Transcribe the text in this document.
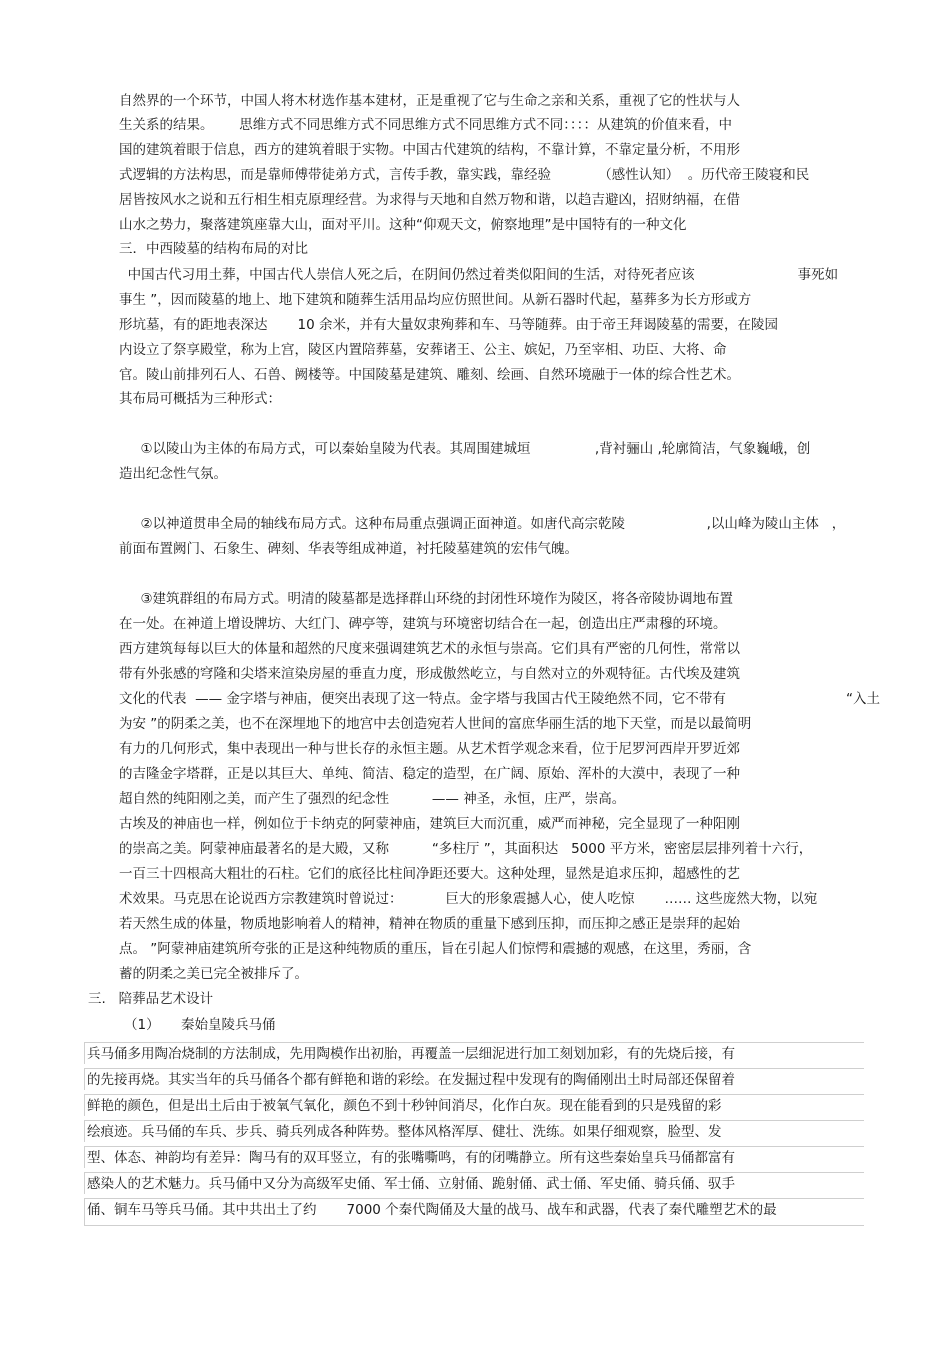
自然界的一个环节，中国人将木材选作基本建材，正是重视了它与生命之亲和关系，重视了它的性状与人
生关系的结果。      思维方式不同思维方式不同思维方式不同思维方式不同：：：：从建筑的价值来看，中
国的建筑着眼于信息，西方的建筑着眼于实物。中国古代建筑的结构，不靠计算，不靠定量分析，不用形
式逻辑的方法构思，而是靠师傅带徒弟方式，言传手教，靠实践，靠经验           （感性认知）  。历代帝王陵寝和民
居皆按风水之说和五行相生相克原理经营。为求得与天地和自然万物和谐，以趋吉避凶，招财纳福，在借
山水之势力，聚落建筑座靠大山，面对平川。这种“仰观天文，俯察地理”是中国特有的一种文化
三．中西陵墓的结构布局的对比
中国古代习用土葬，中国古代人崇信人死之后，在阴间仍然过着类似阳间的生活，对待死者应该                        事死如
事生 ”，因而陵墓的地上、地下建筑和随葬生活用品均应仿照世间。从新石器时代起，墓葬多为长方形或方
形坑墓，有的距地表深达       10 余米，并有大量奴隶殉葬和车、马等随葬。由于帝王拜谒陵墓的需要，在陵园
内设立了祭享殿堂，称为上宫，陵区内置陪葬墓，安葬诸王、公主、嫔妃，乃至宰相、功臣、大将、命
官。陵山前排列石人、石兽、阙楼等。中国陵墓是建筑、雕刻、绘画、自然环境融于一体的综合性艺术。
其布局可概括为三种形式：
①以陵山为主体的布局方式，可以秦始皇陵为代表。其周围建城垣               ,背衬骊山 ,轮廓简洁，气象巍峨，创
造出纪念性气氛。
②以神道贯串全局的轴线布局方式。这种布局重点强调正面神道。如唐代高宗乾陵                   ,以山峰为陵山主体   ，
前面布置阙门、石象生、碑刻、华表等组成神道，衬托陵墓建筑的宏伟气魄。
③建筑群组的布局方式。明清的陵墓都是选择群山环绕的封闭性环境作为陵区，将各帝陵协调地布置
在一处。在神道上增设牌坊、大红门、碑亭等，建筑与环境密切结合在一起，创造出庄严肃穆的环境。
西方建筑每每以巨大的体量和超然的尺度来强调建筑艺术的永恒与崇高。它们具有严密的几何性，常常以
带有外张感的穹隆和尖塔来渲染房屋的垂直力度，形成傲然屹立，与自然对立的外观特征。古代埃及建筑
文化的代表  —— 金字塔与神庙，便突出表现了这一特点。金字塔与我国古代王陵绝然不同，它不带有                            “入土
为安 ”的阴柔之美，也不在深埋地下的地宫中去创造宛若人世间的富庶华丽生活的地下天堂，而是以最简明
有力的几何形式，集中表现出一种与世长存的永恒主题。从艺术哲学观念来看，位于尼罗河西岸开罗近郊
的吉隆金字塔群，正是以其巨大、单纯、简洁、稳定的造型，在广阔、原始、浑朴的大漠中，表现了一种
超自然的纯阳刚之美，而产生了强烈的纪念性          —— 神圣，永恒，庄严，崇高。
古埃及的神庙也一样，例如位于卡纳克的阿蒙神庙，建筑巨大而沉重，威严而神秘，完全显现了一种阳刚
的崇高之美。阿蒙神庙最著名的是大殿，又称          “多柱厅 ”，其面积达   5000 平方米，密密层层排列着十六行，
一百三十四根高大粗壮的石柱。它们的底径比柱间净距还要大。这种处理，显然是追求压抑，超感性的艺
术效果。马克思在论说西方宗教建筑时曾说过：          巨大的形象震撼人心，使人吃惊       …… 这些庞然大物，以宛
若天然生成的体量，物质地影响着人的精神，精神在物质的重量下感到压抑，而压抑之感正是崇拜的起始
点。 ”阿蒙神庙建筑所夸张的正是这种纯物质的重压，旨在引起人们惊愕和震撼的观感，在这里，秀丽，含
蓄的阴柔之美已完全被排斥了。
三.   陪葬品艺术设计
（1）     秦始皇陵兵马俑
兵马俑多用陶冶烧制的方法制成，先用陶模作出初胎，再覆盖一层细泥进行加工刻划加彩，有的先烧后接，有
的先接再烧。其实当年的兵马俑各个都有鲜艳和谐的彩绘。在发掘过程中发现有的陶俑刚出土时局部还保留着
鲜艳的颜色，但是出土后由于被氧气氧化，颜色不到十秒钟间消尽，化作白灰。现在能看到的只是残留的彩
绘痕迹。兵马俑的车兵、步兵、骑兵列成各种阵势。整体风格浑厚、健壮、洗练。如果仔细观察，脸型、发
型、体态、神韵均有差异：陶马有的双耳竖立，有的张嘴嘶鸣，有的闭嘴静立。所有这些秦始皇兵马俑都富有
感染人的艺术魅力。兵马俑中又分为高级军史俑、军士俑、立射俑、跪射俑、武士俑、军史俑、骑兵俑、驭手
俑、铜车马等兵马俑。其中共出土了约       7000 个秦代陶俑及大量的战马、战车和武器，代表了秦代雕塑艺术的最
